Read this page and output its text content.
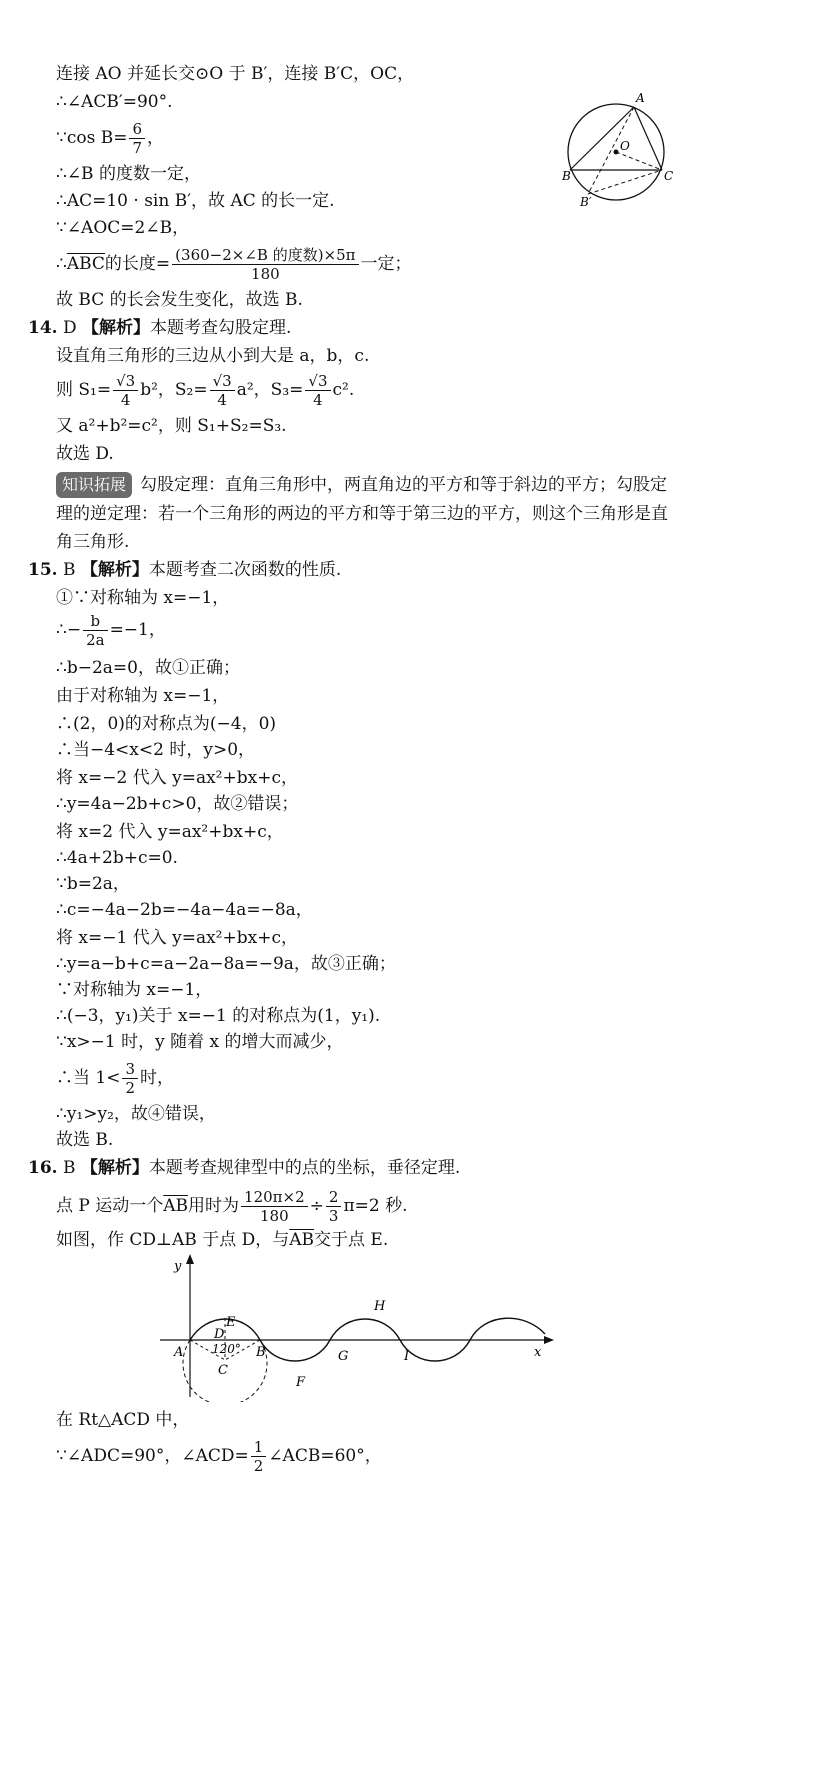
连接 AO 并延长交⊙O 于 B′，连接 B′C，OC，
∴∠ACB′=90°.
∵cos $B= \frac{6}{7}$ ，
∴∠B 的度数一定，
∴AC=10 · sin B′，故 AC 的长一定.
∵∠AOC=2∠B，
$\therefore\overline{ABC}$的长度= $\frac{\text{(360−2×∠B 的度数)×5π}}{180}$ 一定；
故 BC 的长会发生变化，故选 B.
A
O
B	C
B′
14. D 【解析】本题考查勾股定理.
设直角三角形的三边从小到大是 a，b，c.
则 $S_1= \frac{√3}{4} b^2$，$S_2= \frac{√3}{4} a^2$，$S_3= \frac{√3}{4} c^2$.
又 a²+b²=c²，则 S₁+S₂=S₃.
故选 D.
知识拓展 勾股定理：直角三角形中，两直角边的平方和等于斜边的平方；勾股定
理的逆定理：若一个三角形的两边的平方和等于第三边的平方，则这个三角形是直
角三角形.
15. B 【解析】本题考查二次函数的性质.
①∵对称轴为 x=−1，
∴− $\frac{b}{2a} =-1$，
∴b−2a=0，故①正确；
由于对称轴为 x=−1，
∴(2，0)的对称点为(−4，0)
∴当−4<x<2 时，y>0，
将 x=−2 代入 y=ax²+bx+c，
∴y=4a−2b+c>0，故②错误；
将 x=2 代入 y=ax²+bx+c，
∴4a+2b+c=0.
∵b=2a，
∴c=−4a−2b=−4a−4a=−8a，
将 x=−1 代入 y=ax²+bx+c，
∴y=a−b+c=a−2a−8a=−9a，故③正确；
∵对称轴为 x=−1，
∴(−3，y₁)关于 x=−1 的对称点为(1，y₁).
∵x>−1 时，y 随着 x 的增大而减少，
∴当 $1< \frac{3}{2}$ 时，
∴y₁>y₂，故④错误，
故选 B.
16. B 【解析】本题考查规律型中的点的坐标，垂径定理.
点 P 运动一个$\overline{AB}$用时为 $\frac{120\pi\times 2}{180} \div \frac{2}{3} \pi=2$ 秒.
如图，作 CD⊥AB 于点 D，与$\overline{AB}$交于点 E.
E
D
120°
C
A	B
F
G
H
I	x
y
在 Rt△ACD 中，
∵∠ADC=90°，∠ACD= $\frac{1}{2}$ ∠ACB=60°，
